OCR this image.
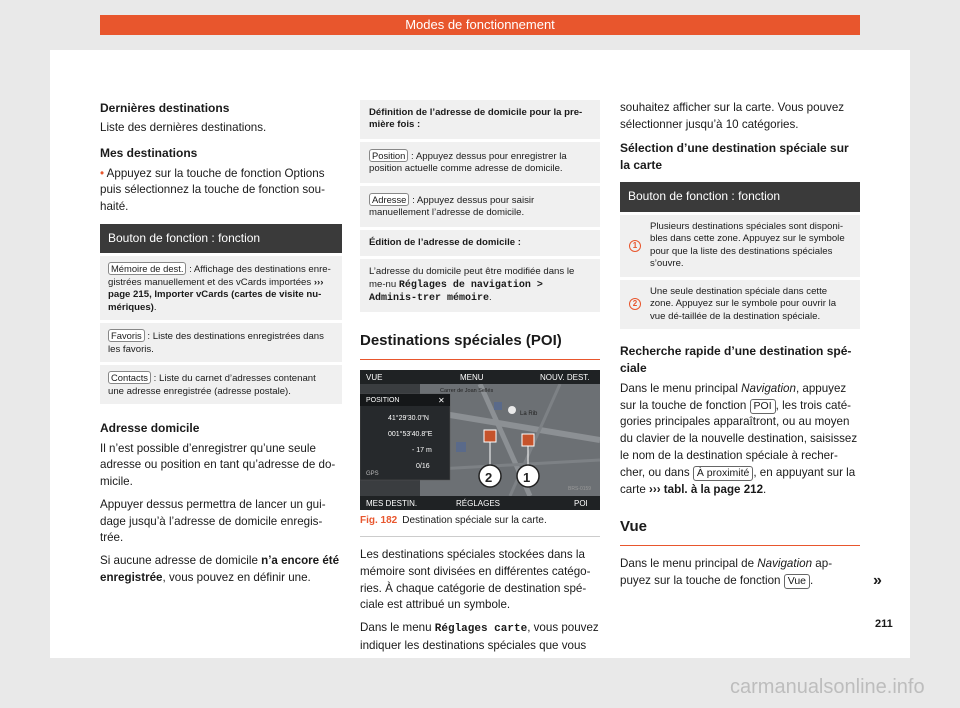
Modes de fonctionnement
Dernières destinations

Liste des dernières destinations.

Mes destinations

• Appuyez sur la touche de fonction Options puis sélectionnez la touche de fonction sou-haité.

Bouton de fonction : fonction
Mémoire de dest. : Affichage des destinations enre-gistrées manuellement et des vCards importées ››› page 215, Importer vCards (cartes de visite nu-mériques).
Favoris : Liste des destinations enregistrées dans les favoris.
Contacts : Liste du carnet d’adresses contenant une adresse enregistrée (adresse postale).
Adresse domicile

Il n’est possible d’enregistrer qu’une seule adresse ou position en tant qu’adresse de do-micile.

Appuyer dessus permettra de lancer un gui-dage jusqu’à l’adresse de domicile enregis-trée.

Si aucune adresse de domicile n’a encore été enregistrée, vous pouvez en définir une.

Définition de l’adresse de domicile pour la pre-mière fois :
Position : Appuyez dessus pour enregistrer la position actuelle comme adresse de domicile.
Adresse : Appuyez dessus pour saisir manuellement l’adresse de domicile.
Édition de l’adresse de domicile :
L’adresse du domicile peut être modifiée dans le me-nu Réglages de navigation > Adminis-trer mémoire.
Destinations spéciales (POI)
VUE	MENU	NOUV. DEST.
POSITION	✕
41°29'30.0"N
001°53'40.8"E
- 17 m
0/16
GPS
Carrer de Joan Sellés
La Rib
MES DESTIN.	RÉGLAGES	POI
BRS-0159
1
2
Fig. 182 Destination spéciale sur la carte.

Les destinations spéciales stockées dans la mémoire sont divisées en différentes catégo-ries. À chaque catégorie de destination spé-ciale est attribué un symbole.

Dans le menu Réglages carte, vous pouvez indiquer les destinations spéciales que vous

souhaitez afficher sur la carte. Vous pouvez sélectionner jusqu’à 10 catégories.

Sélection d’une destination spéciale sur la carte
Bouton de fonction : fonction
1
Plusieurs destinations spéciales sont disponi-bles dans cette zone. Appuyez sur le symbole pour que la liste des destinations spéciales s’ouvre.
2
Une seule destination spéciale dans cette zone. Appuyez sur le symbole pour ouvrir la vue dé-taillée de la destination spéciale.
Recherche rapide d’une destination spé-ciale

Dans le menu principal Navigation, appuyez sur la touche de fonction POI , les trois caté-gories principales apparaîtront, ou au moyen du clavier de la nouvelle destination, saisissez le nom de la destination spéciale à recher-cher, ou dans À proximité , en appuyant sur la carte ››› tabl. à la page 212.

Vue

Dans le menu principal de Navigation ap-puyez sur la touche de fonction Vue .	»
211
carmanualsonline.info
